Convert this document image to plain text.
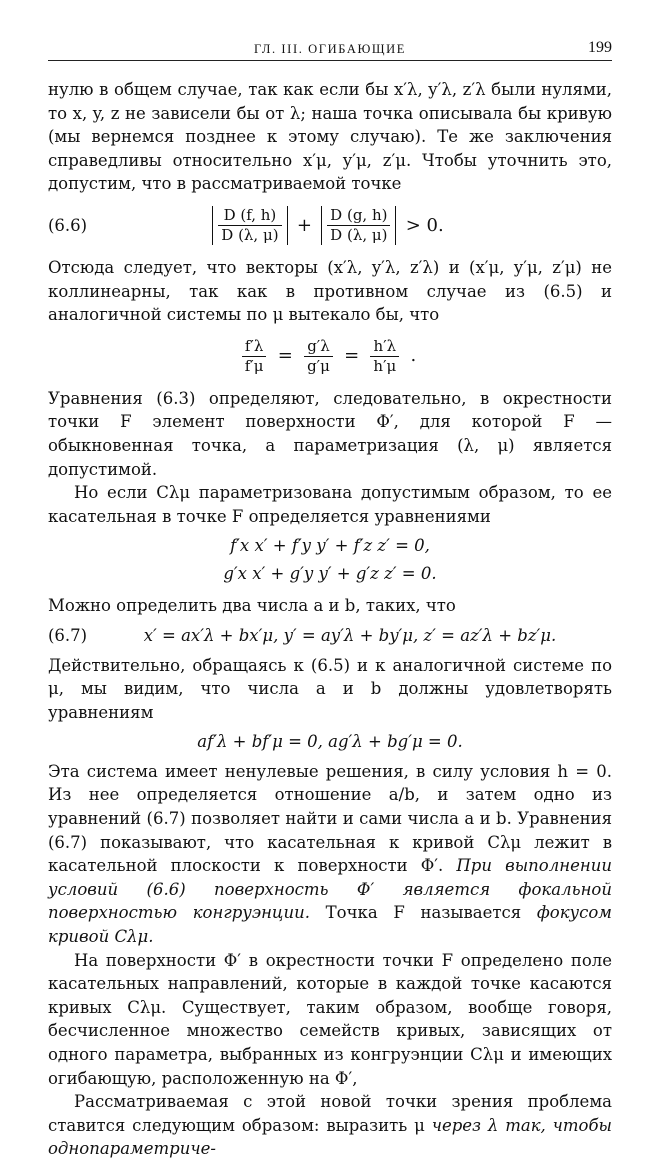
ГЛ. III. ОГИБАЮЩИЕ	199

нулю в общем случае, так как если бы x′λ, y′λ, z′λ были нулями, то x, y, z не зависели бы от λ; наша точка описывала бы кривую (мы вернемся позднее к этому случаю). Те же заключения справедливы относительно x′μ, y′μ, z′μ. Чтобы уточнить это, допустим, что в рассматриваемой точке

(6.6)	$\frac{D (f, h)}{D (\lambda, \mu)} + \frac{D (g, h)}{D (\lambda, \mu)} > 0$.

Отсюда следует, что векторы (x′λ, y′λ, z′λ) и (x′μ, y′μ, z′μ) не коллинеарны, так как в противном случае из (6.5) и аналогичной системы по μ вытекало бы, что

$\frac{f'\lambda}{f'\mu} = \frac{g'\lambda}{g'\mu} = \frac{h'\lambda}{h'\mu}$ .

Уравнения (6.3) определяют, следовательно, в окрестности точки F элемент поверхности Φ′, для которой F — обыкновенная точка, а параметризация (λ, μ) является допустимой.

Но если Cλμ параметризована допустимым образом, то ее касательная в точке F определяется уравнениями

f′x x′ + f′y y′ + f′z z′ = 0,
g′x x′ + g′y y′ + g′z z′ = 0.

Можно определить два числа a и b, таких, что

(6.7)	x′ = ax′λ + bx′μ, y′ = ay′λ + by′μ, z′ = az′λ + bz′μ.

Действительно, обращаясь к (6.5) и к аналогичной системе по μ, мы видим, что числа a и b должны удовлетворять уравнениям

af′λ + bf′μ = 0, ag′λ + bg′μ = 0.

Эта система имеет ненулевые решения, в силу условия h = 0. Из нее определяется отношение a/b, и затем одно из уравнений (6.7) позволяет найти и сами числа a и b. Уравнения (6.7) показывают, что касательная к кривой Cλμ лежит в касательной плоскости к поверхности Φ′. При выполнении условий (6.6) поверхность Φ′ является фокальной поверхностью конгруэнции. Точка F называется фокусом кривой Cλμ.

На поверхности Φ′ в окрестности точки F определено поле касательных направлений, которые в каждой точке касаются кривых Cλμ. Существует, таким образом, вообще говоря, бесчисленное множество семейств кривых, зависящих от одного параметра, выбранных из конгруэнции Cλμ и имеющих огибающую, расположенную на Φ′,

Рассматриваемая с этой новой точки зрения проблема ставится следующим образом: выразить μ через λ так, чтобы однопараметриче-
